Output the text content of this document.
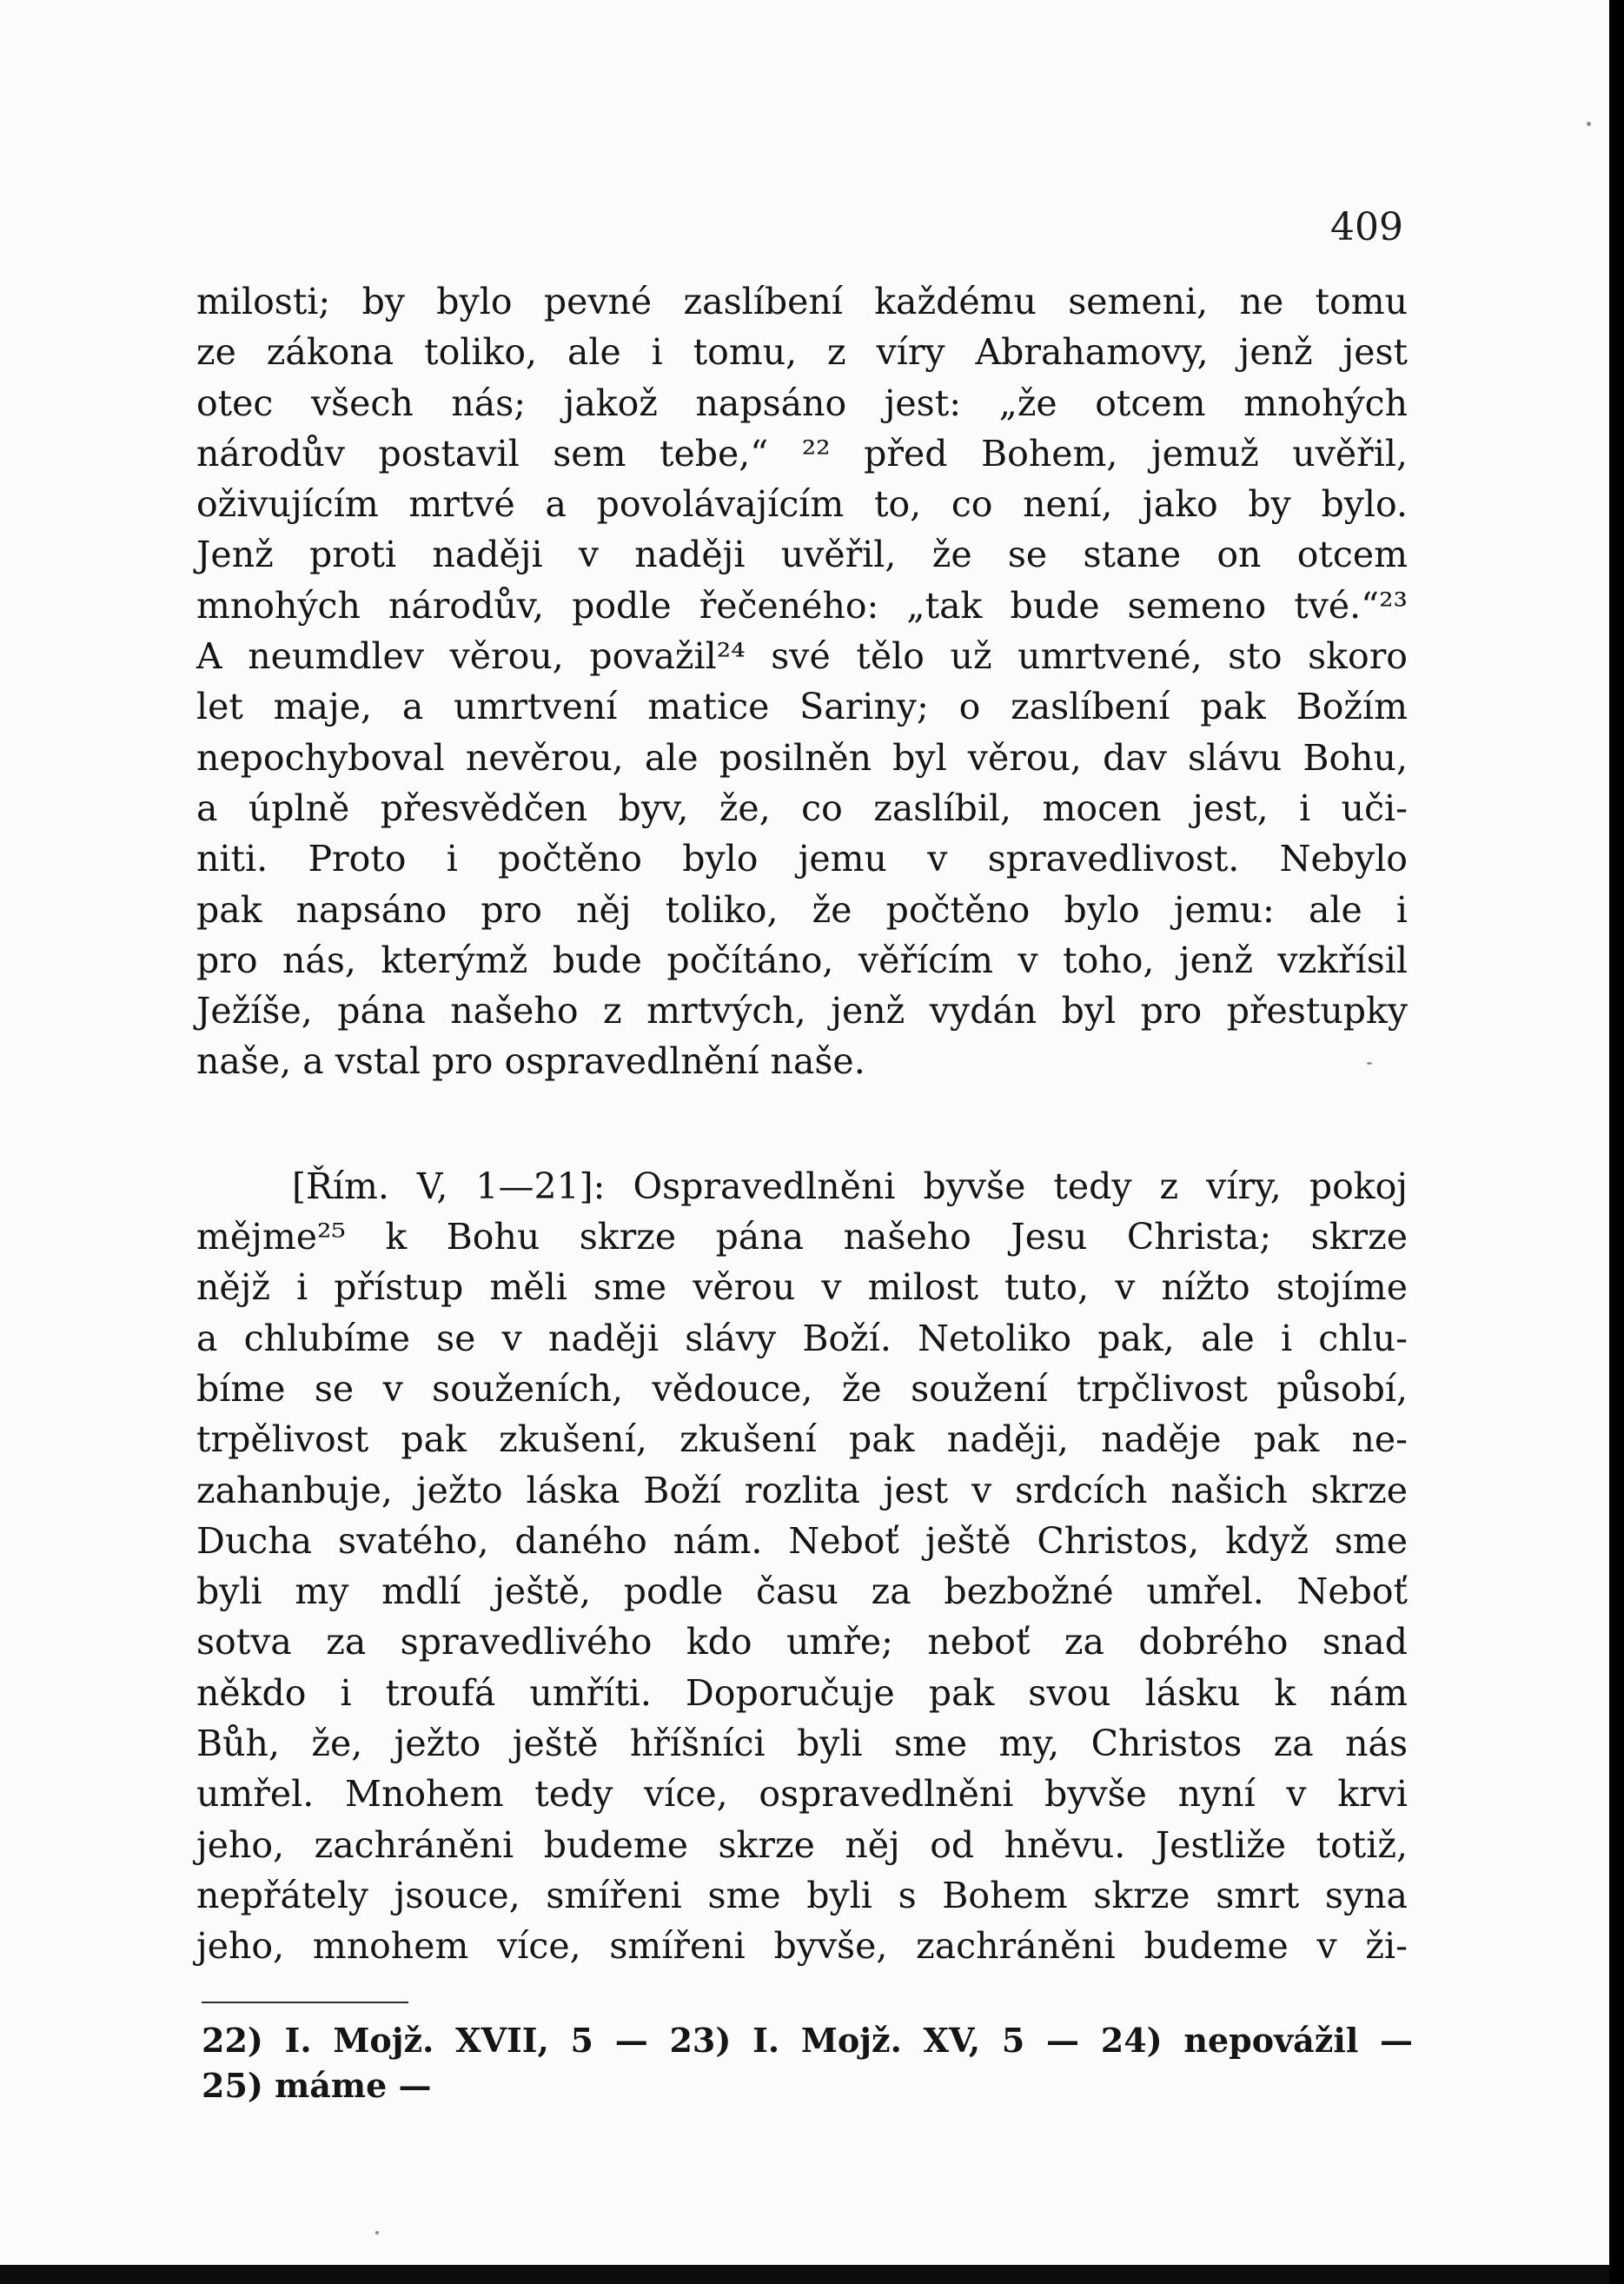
409
milosti; by bylo pevné zaslíbení každému semeni, ne tomu
ze zákona toliko, ale i tomu, z víry Abrahamovy, jenž jest
otec všech nás; jakož napsáno jest: „že otcem mnohých
národův postavil sem tebe,“ ²² před Bohem, jemuž uvěřil,
oživujícím mrtvé a povolávajícím to, co není, jako by bylo.
Jenž proti naději v naději uvěřil, že se stane on otcem
mnohých národův, podle řečeného: „tak bude semeno tvé.“²³
A neumdlev věrou, považil²⁴ své tělo už umrtvené, sto skoro
let maje, a umrtvení matice Sariny; o zaslíbení pak Božím
nepochyboval nevěrou, ale posilněn byl věrou, dav slávu Bohu,
a úplně přesvědčen byv, že, co zaslíbil, mocen jest, i uči-
niti. Proto i počtěno bylo jemu v spravedlivost. Nebylo
pak napsáno pro něj toliko, že počtěno bylo jemu: ale i
pro nás, kterýmž bude počítáno, věřícím v toho, jenž vzkřísil
Ježíše, pána našeho z mrtvých, jenž vydán byl pro přestupky
naše, a vstal pro ospravedlnění naše.
[Řím. V, 1—21]: Ospravedlněni byvše tedy z víry, pokoj
mějme²⁵ k Bohu skrze pána našeho Jesu Christa; skrze
nějž i přístup měli sme věrou v milost tuto, v nížto stojíme
a chlubíme se v naději slávy Boží. Netoliko pak, ale i chlu-
bíme se v souženích, vědouce, že soužení trpčlivost působí,
trpělivost pak zkušení, zkušení pak naději, naděje pak ne-
zahanbuje, ježto láska Boží rozlita jest v srdcích našich skrze
Ducha svatého, daného nám. Neboť ještě Christos, když sme
byli my mdlí ještě, podle času za bezbožné umřel. Neboť
sotva za spravedlivého kdo umře; neboť za dobrého snad
někdo i troufá umříti. Doporučuje pak svou lásku k nám
Bůh, že, ježto ještě hříšníci byli sme my, Christos za nás
umřel. Mnohem tedy více, ospravedlněni byvše nyní v krvi
jeho, zachráněni budeme skrze něj od hněvu. Jestliže totiž,
nepřátely jsouce, smířeni sme byli s Bohem skrze smrt syna
jeho, mnohem více, smířeni byvše, zachráněni budeme v ži-
22) I. Mojž. XVII, 5 — 23) I. Mojž. XV, 5 — 24) nepovážil —
25) máme —
